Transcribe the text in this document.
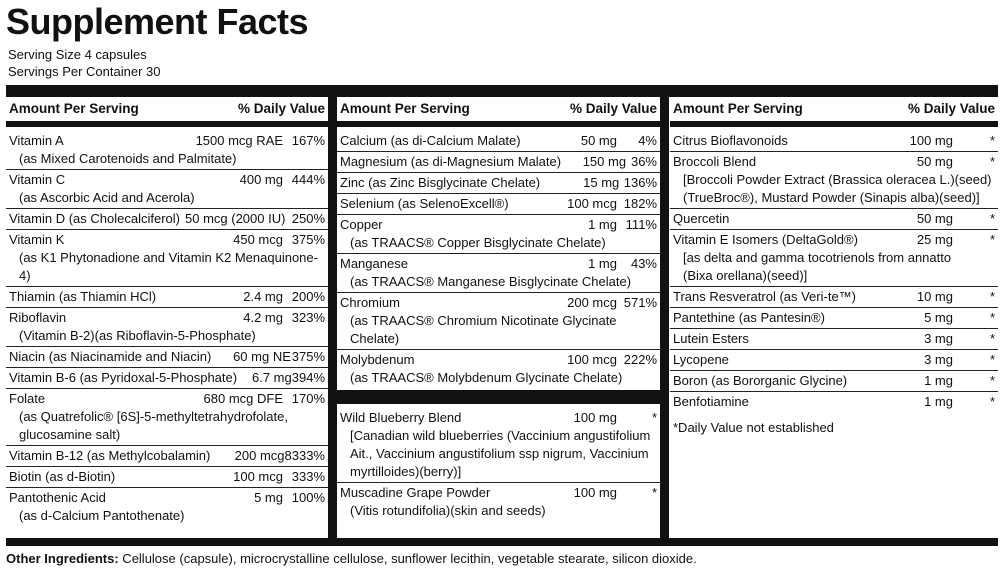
Supplement Facts
Serving Size 4 capsules
Servings Per Container 30
Amount Per Serving	% Daily Value
Vitamin A	1500 mcg RAE 167%
(as Mixed Carotenoids and Palmitate)
Vitamin C	400 mg 444%
(as Ascorbic Acid and Acerola)
Vitamin D (as Cholecalciferol) 50 mcg (2000 IU) 250%
Vitamin K	450 mcg 375%
(as K1 Phytonadione and Vitamin K2 Menaquinone-4)
Thiamin (as Thiamin HCl)	2.4 mg 200%
Riboflavin	4.2 mg 323%
(Vitamin B-2)(as Riboflavin-5-Phosphate)
Niacin (as Niacinamide and Niacin)	60 mg NE 375%
Vitamin B-6 (as Pyridoxal-5-Phosphate)	6.7 mg 394%
Folate	680 mcg DFE 170%
(as Quatrefolic® [6S]-5-methyltetrahydrofolate,
glucosamine salt)
Vitamin B-12 (as Methylcobalamin)	200 mcg 8333%
Biotin (as d-Biotin)	100 mcg 333%
Pantothenic Acid	5 mg 100%
(as d-Calcium Pantothenate)
Amount Per Serving	% Daily Value
Calcium (as di-Calcium Malate)	50 mg	4%
Magnesium (as di-Magnesium Malate)	150 mg 36%
Zinc (as Zinc Bisglycinate Chelate)	15 mg 136%
Selenium (as SelenoExcell®)	100 mcg 182%
Copper	1 mg 111%
(as TRAACS® Copper Bisglycinate Chelate)
Manganese	1 mg	43%
(as TRAACS® Manganese Bisglycinate Chelate)
Chromium	200 mcg 571%
(as TRAACS® Chromium Nicotinate Glycinate Chelate)
Molybdenum	100 mcg 222%
(as TRAACS® Molybdenum Glycinate Chelate)
Wild Blueberry Blend	100 mg	*
[Canadian wild blueberries (Vaccinium angustifolium
Ait., Vaccinium angustifolium ssp nigrum, Vaccinium
myrtilloides)(berry)]
Muscadine Grape Powder	100 mg	*
(Vitis rotundifolia)(skin and seeds)
Amount Per Serving	% Daily Value
Citrus Bioflavonoids	100 mg	*
Broccoli Blend	50 mg	*
[Broccoli Powder Extract (Brassica oleracea L.)(seed)
(TrueBroc®), Mustard Powder (Sinapis alba)(seed)]
Quercetin	50 mg	*
Vitamin E Isomers (DeltaGold®)	25 mg	*
[as delta and gamma tocotrienols from annatto
(Bixa orellana)(seed)]
Trans Resveratrol (as Veri-te™)	10 mg	*
Pantethine (as Pantesin®)	5 mg	*
Lutein Esters	3 mg	*
Lycopene	3 mg	*
Boron (as Bororganic Glycine)	1 mg	*
Benfotiamine	1 mg	*
*Daily Value not established
Other Ingredients: Cellulose (capsule), microcrystalline cellulose, sunflower lecithin, vegetable stearate, silicon dioxide.
